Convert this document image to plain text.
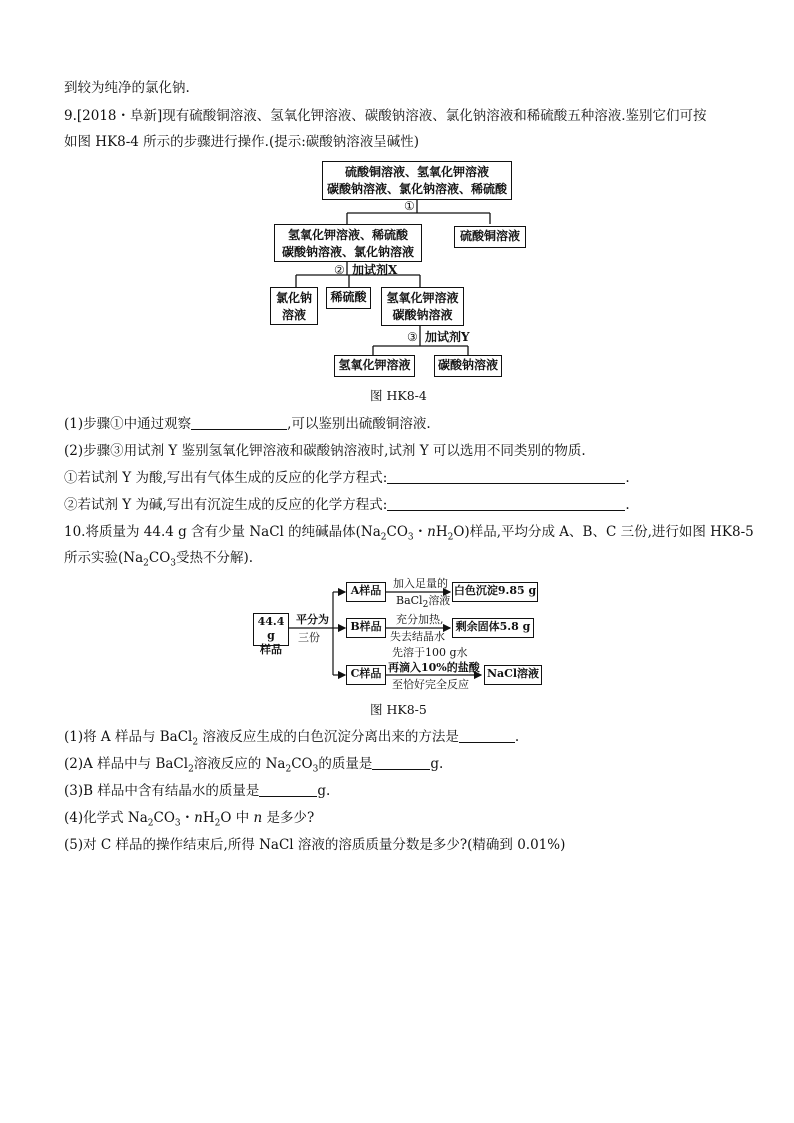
到较为纯净的氯化钠.
9.[2018・阜新]现有硫酸铜溶液、氢氧化钾溶液、碳酸钠溶液、氯化钠溶液和稀硫酸五种溶液.鉴别它们可按
如图 HK8-4 所示的步骤进行操作.(提示:碳酸钠溶液呈碱性)
硫酸铜溶液、氢氧化钾溶液
碳酸钠溶液、氯化钠溶液、稀硫酸
①
氢氧化钾溶液、稀硫酸
碳酸钠溶液、氯化钠溶液
硫酸铜溶液
② 加试剂X
氯化钠
溶液
稀硫酸	氢氧化钾溶液
碳酸钠溶液
③ 加试剂Y
氢氧化钾溶液	碳酸钠溶液
图 HK8-4
(1)步骤①中通过观察	,可以鉴别出硫酸铜溶液.
(2)步骤③用试剂 Y 鉴别氢氧化钾溶液和碳酸钠溶液时,试剂 Y 可以选用不同类别的物质.
①若试剂 Y 为酸,写出有气体生成的反应的化学方程式:	.
②若试剂 Y 为碱,写出有沉淀生成的反应的化学方程式:	.
10.将质量为 44.4 g 含有少量 NaCl 的纯碱晶体($Na_2CO_3$・$nH_2O$)样品,平均分成 A、B、C 三份,进行如图 HK8-5
所示实验($Na_2CO_3$受热不分解).
44.4 g
样品
平分为
三份
A样品
B样品
C样品
加入足量的
BaCl$_2$溶液
白色沉淀9.85 g
充分加热,
失去结晶水
剩余固体5.8 g
先溶于100 g水
再滴入10%的盐酸
至恰好完全反应
NaCl溶液
图 HK8-5
(1)将 A 样品与 BaCl$_2$ 溶液反应生成的白色沉淀分离出来的方法是	.
(2)A 样品中与 BaCl$_2$溶液反应的 $Na_2CO_3$的质量是	g.
(3)B 样品中含有结晶水的质量是	g.
(4)化学式 $Na_2CO_3$・$nH_2O$ 中 n 是多少?
(5)对 C 样品的操作结束后,所得 NaCl 溶液的溶质质量分数是多少?(精确到 0.01%)
